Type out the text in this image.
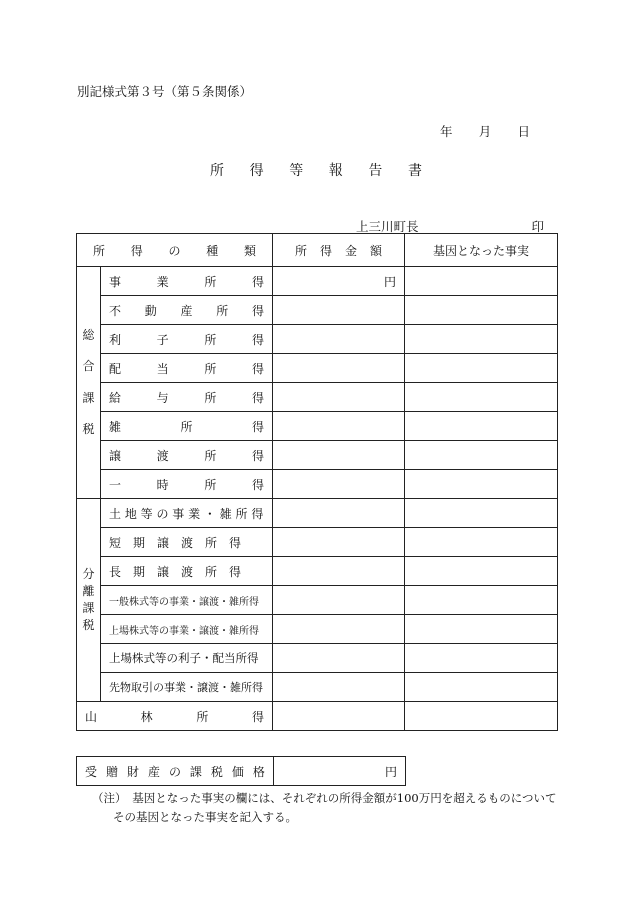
別記様式第３号（第５条関係）
年 月 日
所 得 等 報 告 書
上三川町長	印
所 得 の 種 類		所 得 金 額	基因となった事実

総
合
課
税	事 業 所 得	円	

	不 動 産 所 得		

	利 子 所 得		

	配 当 所 得		

	給 与 所 得		

	雑 所 得		

	譲 渡 所 得		

	一 時 所 得		

分
離
課
税	土 地 等 の 事 業 ・ 雑 所 得		
	短　期　譲　渡　所　得		
	長　期　譲　渡　所　得		
	一般株式等の事業・譲渡・雑所得		
	上場株式等の事業・譲渡・雑所得		
	上場株式等の利子・配当所得		
	先物取引の事業・譲渡・雑所得		

山 林 所 得			

受 贈 財 産 の 課 税 価 格	円
（注）　基因となった事実の欄には、それぞれの所得金額が100万円を超えるものについて
その基因となった事実を記入する。
